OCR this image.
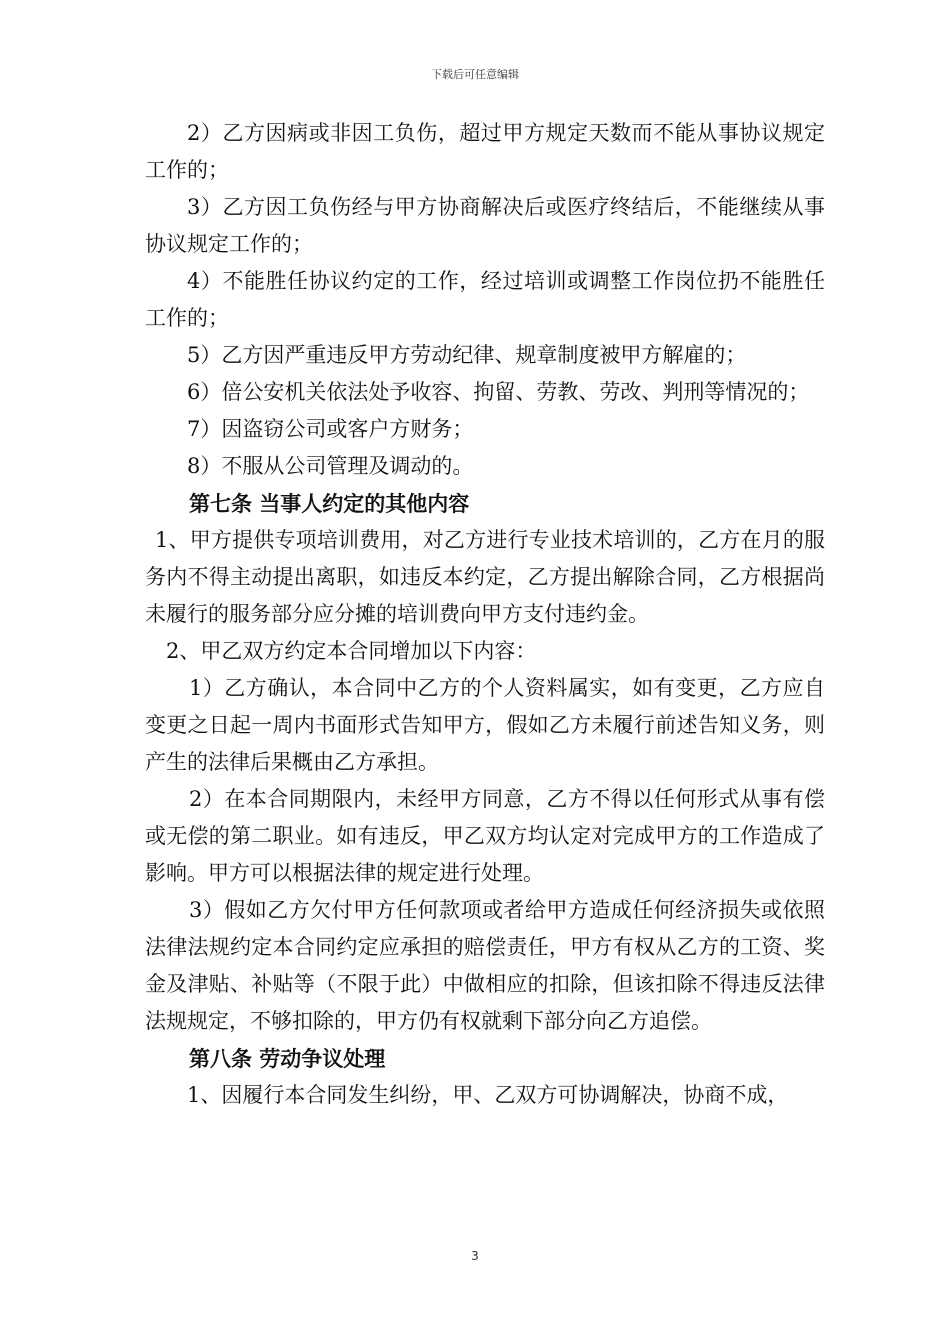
下载后可任意编辑

2）乙方因病或非因工负伤，超过甲方规定天数而不能从事协议规定工作的；

3）乙方因工负伤经与甲方协商解决后或医疗终结后，不能继续从事协议规定工作的；

4）不能胜任协议约定的工作，经过培训或调整工作岗位扔不能胜任工作的；

5）乙方因严重违反甲方劳动纪律、规章制度被甲方解雇的；

6）倍公安机关依法处予收容、拘留、劳教、劳改、判刑等情况的；

7）因盗窃公司或客户方财务；

8）不服从公司管理及调动的。

第七条 当事人约定的其他内容

1、甲方提供专项培训费用，对乙方进行专业技术培训的，乙方在月的服务内不得主动提出离职，如违反本约定，乙方提出解除合同，乙方根据尚未履行的服务部分应分摊的培训费向甲方支付违约金。

2、甲乙双方约定本合同增加以下内容：

1）乙方确认，本合同中乙方的个人资料属实，如有变更，乙方应自变更之日起一周内书面形式告知甲方，假如乙方未履行前述告知义务，则产生的法律后果概由乙方承担。

2）在本合同期限内，未经甲方同意，乙方不得以任何形式从事有偿或无偿的第二职业。如有违反，甲乙双方均认定对完成甲方的工作造成了影响。甲方可以根据法律的规定进行处理。

3）假如乙方欠付甲方任何款项或者给甲方造成任何经济损失或依照法律法规约定本合同约定应承担的赔偿责任，甲方有权从乙方的工资、奖金及津贴、补贴等（不限于此）中做相应的扣除，但该扣除不得违反法律法规规定，不够扣除的，甲方仍有权就剩下部分向乙方追偿。

第八条 劳动争议处理

1、因履行本合同发生纠纷，甲、乙双方可协调解决，协商不成，

3
